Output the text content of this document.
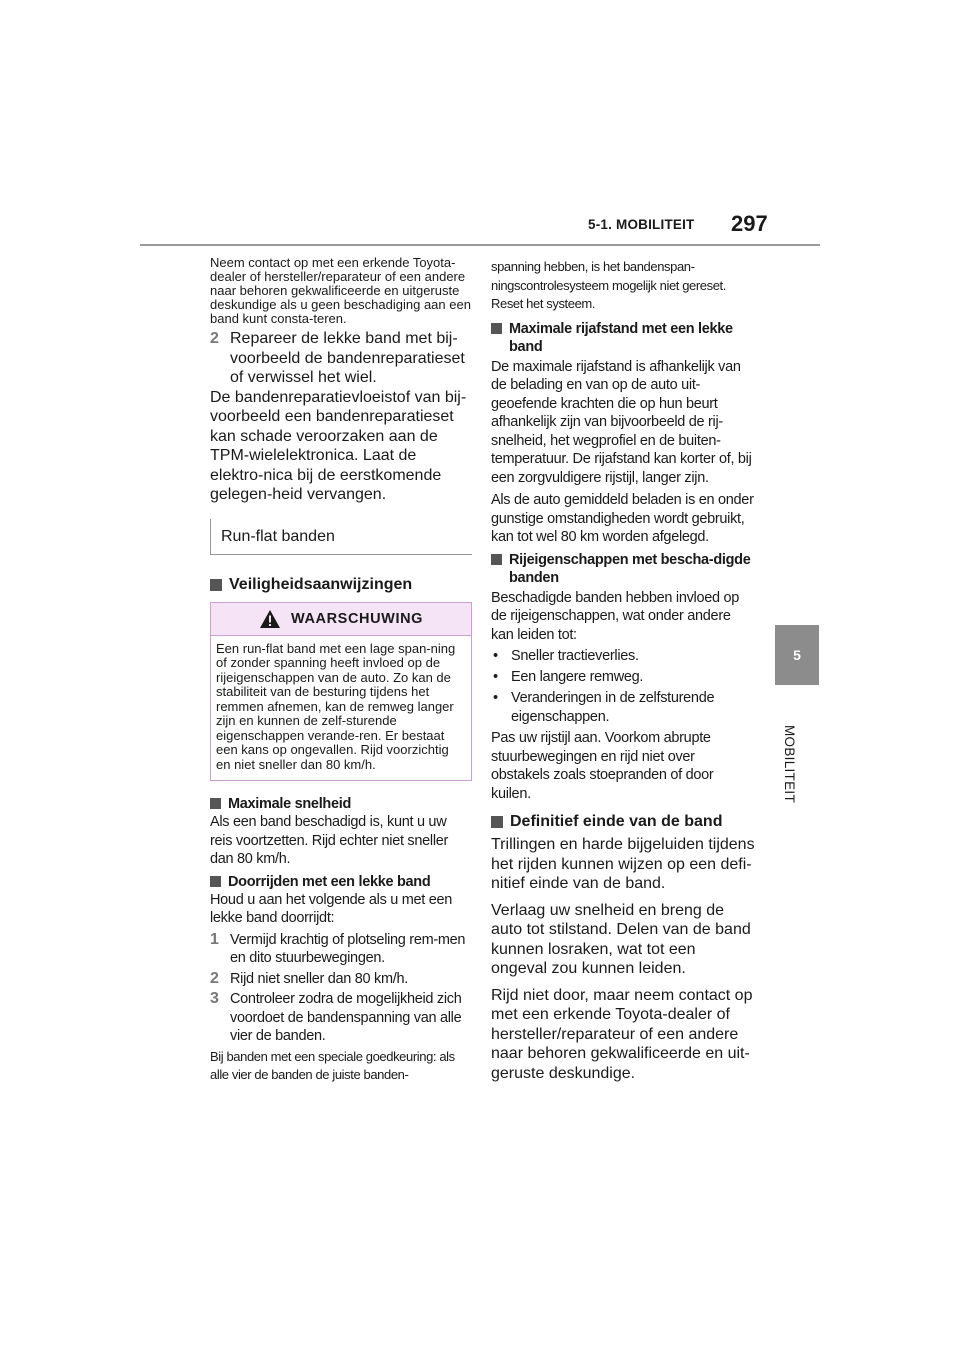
5-1. MOBILITEIT 297
5
MOBILITEIT

Neem contact op met een erkende Toyota-dealer of hersteller/reparateur of een andere naar behoren gekwalificeerde en uitgeruste deskundige als u geen beschadiging aan een band kunt consta-teren.

2 Repareer de lekke band met bij-voorbeeld de bandenreparatieset of verwissel het wiel.

De bandenreparatievloeistof van bij-voorbeeld een bandenreparatieset kan schade veroorzaken aan de TPM-wielelektronica. Laat de elektro-nica bij de eerstkomende gelegen-heid vervangen.

Run-flat banden
Veiligheidsaanwijzingen
WAARSCHUWING

Een run-flat band met een lage span-ning of zonder spanning heeft invloed op de rijeigenschappen van de auto. Zo kan de stabiliteit van de besturing tijdens het remmen afnemen, kan de remweg langer zijn en kunnen de zelf-sturende eigenschappen verande-ren. Er bestaat een kans op ongevallen. Rijd voorzichtig en niet sneller dan 80 km/h.

Maximale snelheid

Als een band beschadigd is, kunt u uw reis voortzetten. Rijd echter niet sneller dan 80 km/h.

Doorrijden met een lekke band

Houd u aan het volgende als u met een lekke band doorrijdt:

1 Vermijd krachtig of plotseling rem-men en dito stuurbewegingen.
2 Rijd niet sneller dan 80 km/h.
3 Controleer zodra de mogelijkheid zich voordoet de bandenspanning van alle vier de banden.

Bij banden met een speciale goedkeuring: als alle vier de banden de juiste banden-

spanning hebben, is het bandenspan-ningscontrolesysteem mogelijk niet gereset. Reset het systeem.

Maximale rijafstand met een lekke band

De maximale rijafstand is afhankelijk van de belading en van op de auto uit-geoefende krachten die op hun beurt afhankelijk zijn van bijvoorbeeld de rij-snelheid, het wegprofiel en de buiten-temperatuur. De rijafstand kan korter of, bij een zorgvuldigere rijstijl, langer zijn.

Als de auto gemiddeld beladen is en onder gunstige omstandigheden wordt gebruikt, kan tot wel 80 km worden afgelegd.

Rijeigenschappen met bescha-digde banden

Beschadigde banden hebben invloed op de rijeigenschappen, wat onder andere kan leiden tot:

• Sneller tractieverlies.
• Een langere remweg.
• Veranderingen in de zelfsturende eigenschappen.

Pas uw rijstijl aan. Voorkom abrupte stuurbewegingen en rijd niet over obstakels zoals stoepranden of door kuilen.

Definitief einde van de band

Trillingen en harde bijgeluiden tijdens het rijden kunnen wijzen op een defi-nitief einde van de band.

Verlaag uw snelheid en breng de auto tot stilstand. Delen van de band kunnen losraken, wat tot een ongeval zou kunnen leiden.

Rijd niet door, maar neem contact op met een erkende Toyota-dealer of hersteller/reparateur of een andere naar behoren gekwalificeerde en uit-geruste deskundige.
